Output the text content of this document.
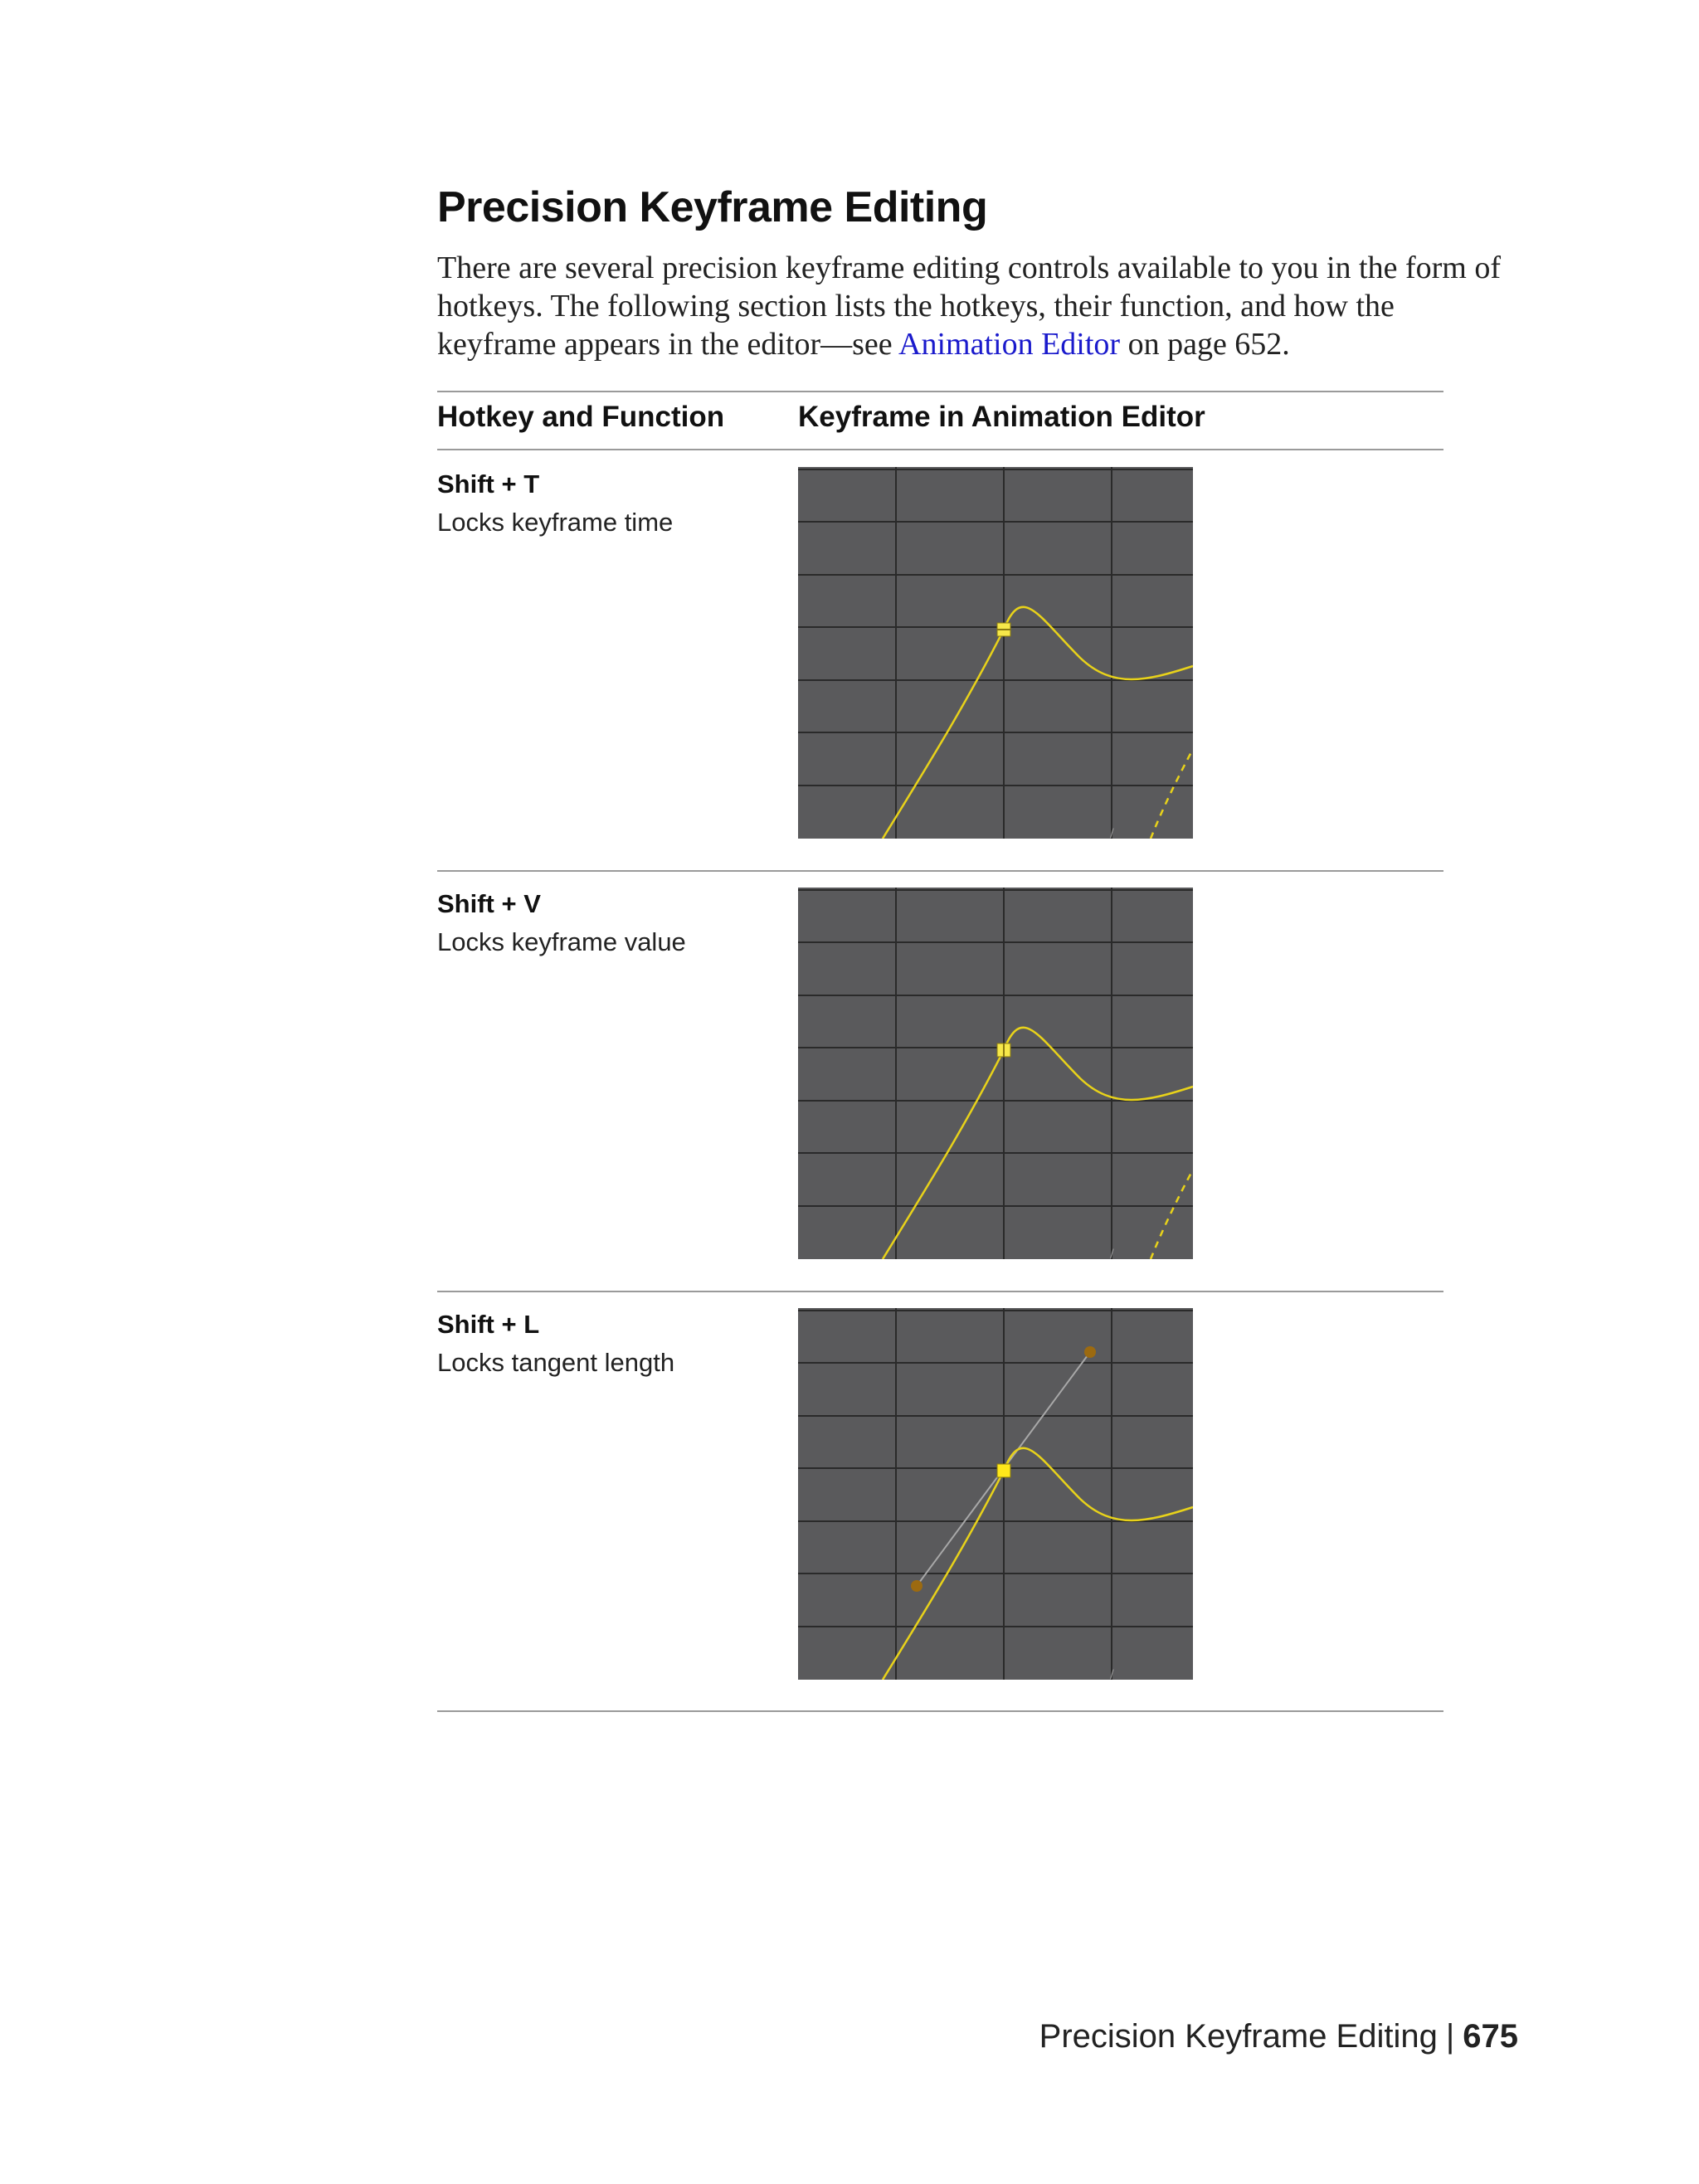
Precision Keyframe Editing

There are several precision keyframe editing controls available to you in the form of hotkeys. The following section lists the hotkeys, their function, and how the keyframe appears in the editor—see Animation Editor on page 652.

Hotkey and Function	Keyframe in Animation Editor
Shift + T
Locks keyframe time
/
Shift + V
Locks keyframe value
/
Shift + L
Locks tangent length
/
Precision Keyframe Editing | 675
